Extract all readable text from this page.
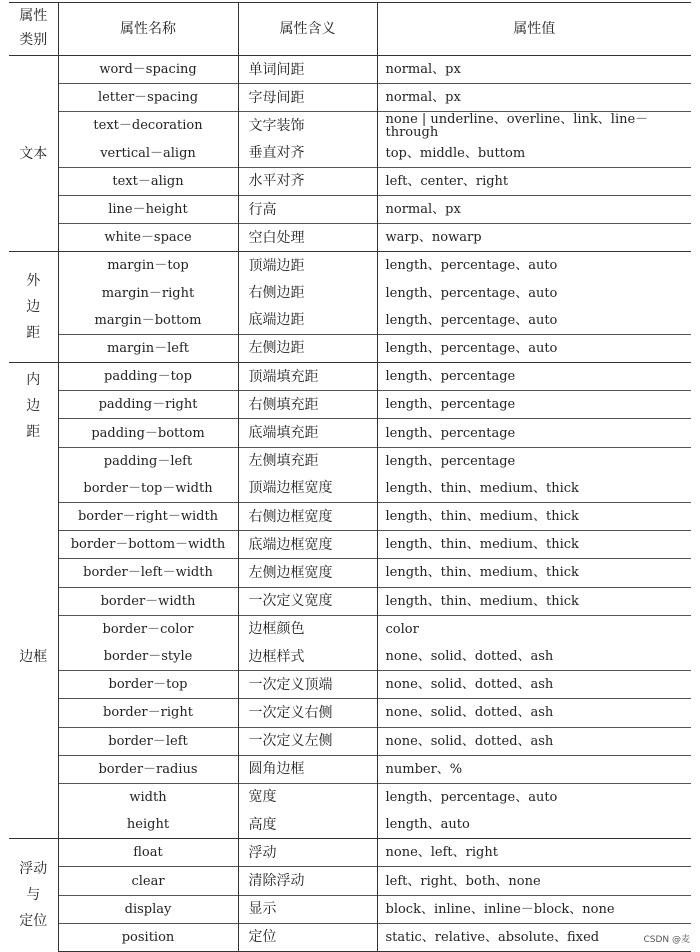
属性
类别	属性名称	属性含义	属性值

文本	word－spacing	单词间距	normal、px
	letter－spacing	字母间距	normal、px
	text－decoration	文字装饰	none | underline、overline、link、line－through
	vertical－align	垂直对齐	top、middle、buttom
	text－align	水平对齐	left、center、right
	line－height	行高	normal、px
	white－space	空白处理	warp、nowarp

外
边
距	margin－top	顶端边距	length、percentage、auto
	margin－right	右侧边距	length、percentage、auto
	margin－bottom	底端边距	length、percentage、auto
	margin－left	左侧边距	length、percentage、auto

内
边
距	padding－top	顶端填充距	length、percentage
	padding－right	右侧填充距	length、percentage
	padding－bottom	底端填充距	length、percentage
	padding－left	左侧填充距	length、percentage

边框	border－top－width	顶端边框宽度	length、thin、medium、thick
	border－right－width	右侧边框宽度	length、thin、medium、thick
	border－bottom－width	底端边框宽度	length、thin、medium、thick
	border－left－width	左侧边框宽度	length、thin、medium、thick
	border－width	一次定义宽度	length、thin、medium、thick
	border－color	边框颜色	color
	border－style	边框样式	none、solid、dotted、ash
	border－top	一次定义顶端	none、solid、dotted、ash
	border－right	一次定义右侧	none、solid、dotted、ash
	border－left	一次定义左侧	none、solid、dotted、ash
	border－radius	圆角边框	number、%
	width	宽度	length、percentage、auto
	height	高度	length、auto

浮动
与
定位	float	浮动	none、left、right
	clear	清除浮动	left、right、both、none
	display	显示	block、inline、inline－block、none
	position	定位	static、relative、absolute、fixed	CSDN @麦
